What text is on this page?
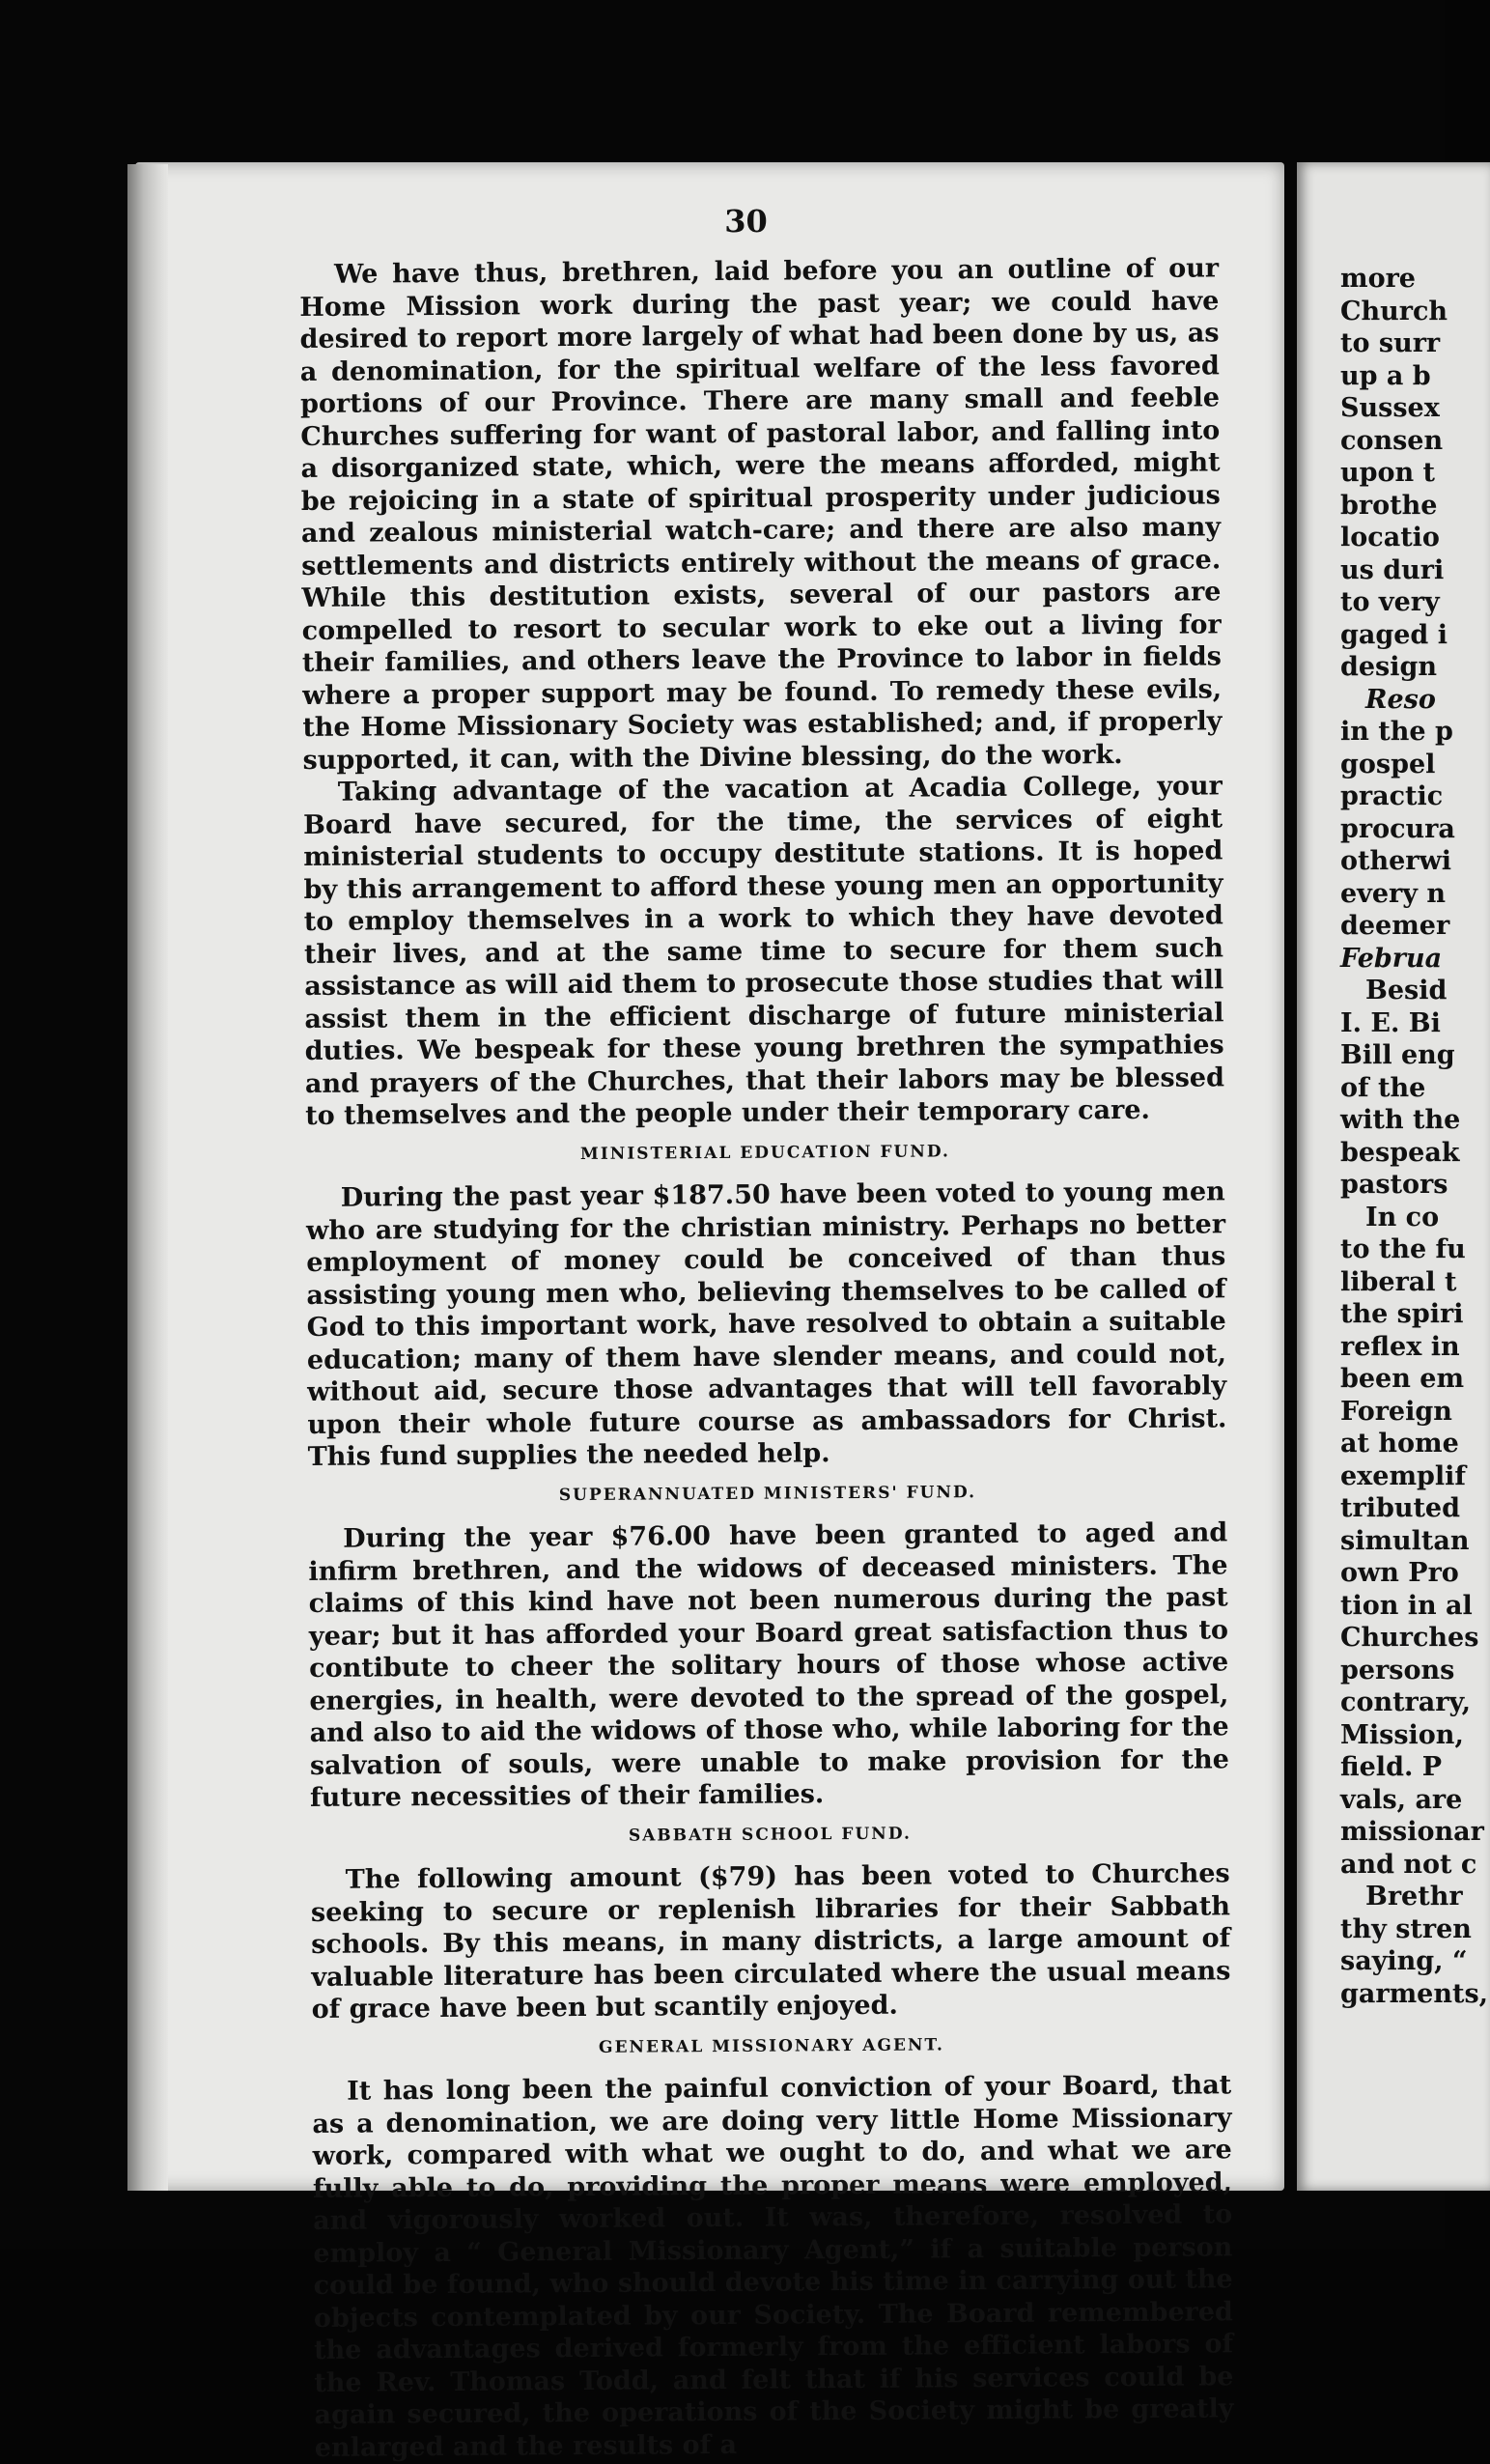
30

We have thus, brethren, laid before you an outline of our Home Mission work during the past year; we could have desired to report more largely of what had been done by us, as a denomination, for the spiritual welfare of the less favored portions of our Province. There are many small and feeble Churches suffering for want of pastoral labor, and falling into a disorganized state, which, were the means afforded, might be rejoicing in a state of spiritual prosperity under judicious and zealous ministerial watch-care; and there are also many settlements and districts entirely without the means of grace. While this destitution exists, several of our pastors are compelled to resort to secular work to eke out a living for their families, and others leave the Province to labor in fields where a proper support may be found. To remedy these evils, the Home Missionary Society was established; and, if properly supported, it can, with the Divine blessing, do the work.

Taking advantage of the vacation at Acadia College, your Board have secured, for the time, the services of eight ministerial students to occupy destitute stations. It is hoped by this arrangement to afford these young men an opportunity to employ themselves in a work to which they have devoted their lives, and at the same time to secure for them such assistance as will aid them to prosecute those studies that will assist them in the efficient discharge of future ministerial duties. We bespeak for these young brethren the sympathies and prayers of the Churches, that their labors may be blessed to themselves and the people under their temporary care.

MINISTERIAL EDUCATION FUND.

During the past year $187.50 have been voted to young men who are studying for the christian ministry. Perhaps no better employment of money could be conceived of than thus assisting young men who, believing themselves to be called of God to this important work, have resolved to obtain a suitable education; many of them have slender means, and could not, without aid, secure those advantages that will tell favorably upon their whole future course as ambassadors for Christ. This fund supplies the needed help.

SUPERANNUATED MINISTERS' FUND.

During the year $76.00 have been granted to aged and infirm brethren, and the widows of deceased ministers. The claims of this kind have not been numerous during the past year; but it has afforded your Board great satisfaction thus to contibute to cheer the solitary hours of those whose active energies, in health, were devoted to the spread of the gospel, and also to aid the widows of those who, while laboring for the salvation of souls, were unable to make provision for the future necessities of their families.

SABBATH SCHOOL FUND.

The following amount ($79) has been voted to Churches seeking to secure or replenish libraries for their Sabbath schools. By this means, in many districts, a large amount of valuable literature has been circulated where the usual means of grace have been but scantily enjoyed.

GENERAL MISSIONARY AGENT.

It has long been the painful conviction of your Board, that as a denomination, we are doing very little Home Missionary work, compared with what we ought to do, and what we are fully able to do, providing the proper means were employed, and vigorously worked out. It was, therefore, resolved to employ a “ General Missionary Agent,” if a suitable person could be found, who should devote his time in carrying out the objects contemplated by our Society. The Board remembered the advantages derived formerly from the efficient labors of the Rev. Thomas Todd, and felt that if his services could be again secured, the operations of the Society might be greatly enlarged and the results of a

more
Church
to surr
up a b
Sussex
consen
upon t
brothe
locatio
us duri
to very
gaged i
design
Reso
in the p
gospel
practic
procura
otherwi
every n
deemer
Februa
Besid
I. E. Bi
Bill eng
of the
with the
bespeak
pastors
In co
to the fu
liberal t
the spiri
reflex in
been em
Foreign
at home
exemplif
tributed
simultan
own Pro
tion in al
Churches
persons
contrary,
Mission,
field. P
vals, are
missionar
and not c
Brethr
thy stren
saying, “
garments,
